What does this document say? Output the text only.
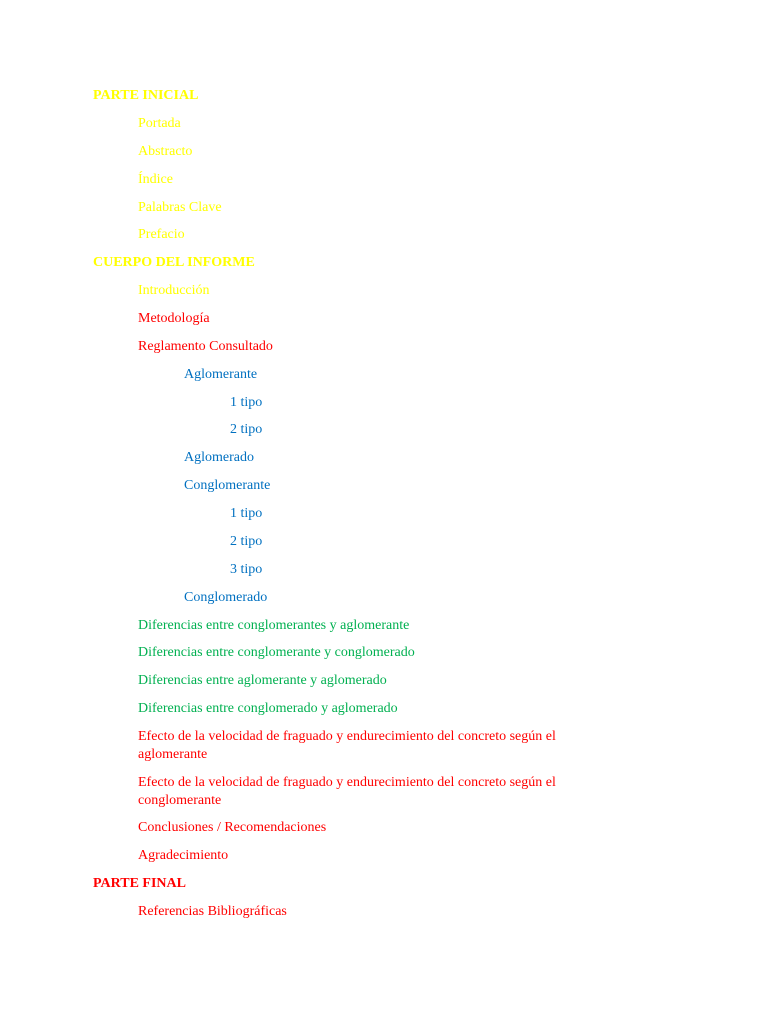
PARTE INICIAL
Portada
Abstracto
Índice
Palabras Clave
Prefacio
CUERPO DEL INFORME
Introducción
Metodología
Reglamento Consultado
Aglomerante
1 tipo
2 tipo
Aglomerado
Conglomerante
1 tipo
2 tipo
3 tipo
Conglomerado
Diferencias entre conglomerantes y aglomerante
Diferencias entre conglomerante y conglomerado
Diferencias entre aglomerante y aglomerado
Diferencias entre conglomerado y aglomerado
Efecto de la velocidad de fraguado y endurecimiento del concreto según el aglomerante
Efecto de la velocidad de fraguado y endurecimiento del concreto según el conglomerante
Conclusiones / Recomendaciones
Agradecimiento
PARTE FINAL
Referencias Bibliográficas
